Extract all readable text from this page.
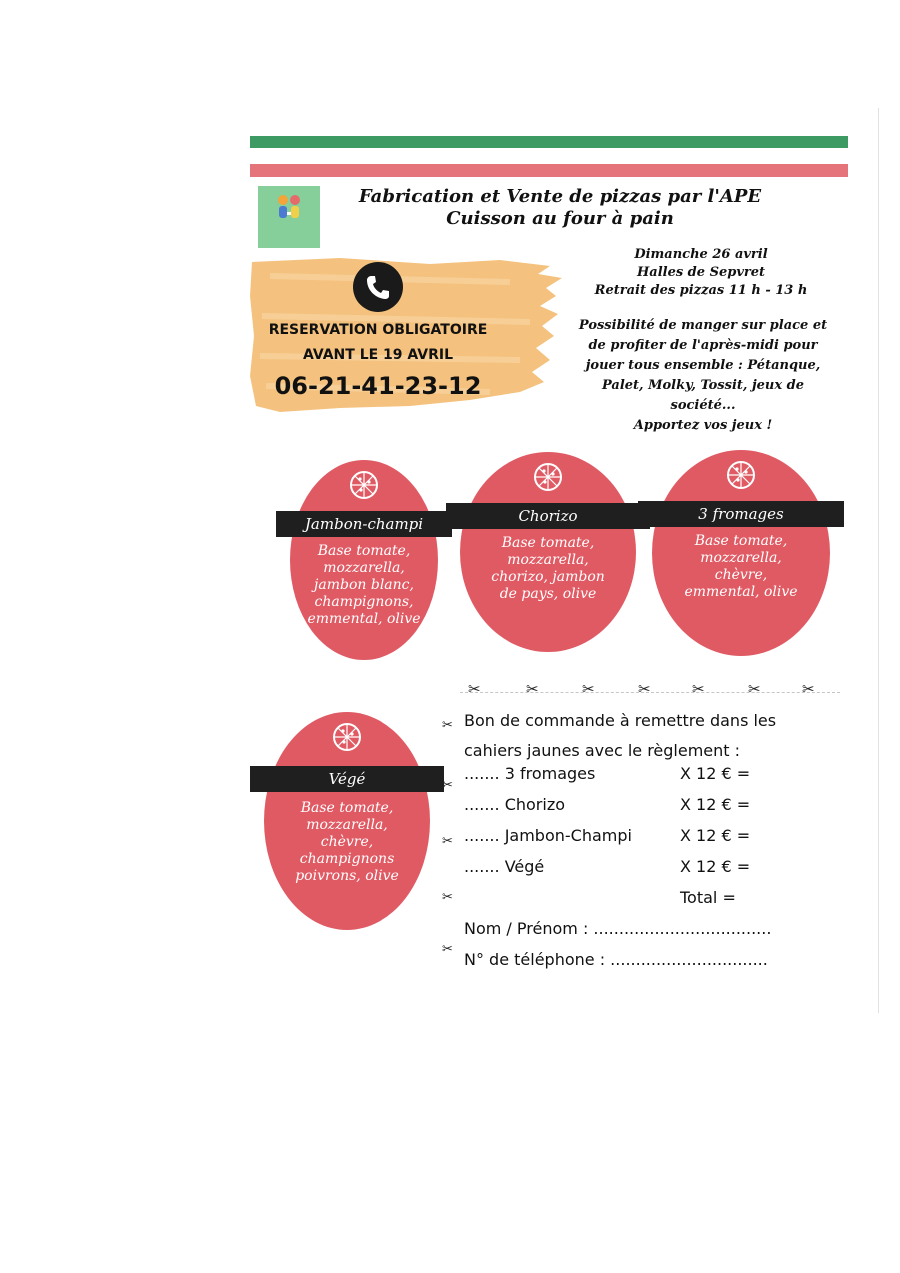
Fabrication et Vente de pizzas par l'APE
Cuisson au four à pain
RESERVATION OBLIGATOIRE
AVANT LE 19 AVRIL
06-21-41-23-12
Dimanche 26 avril
Halles de Sepvret
Retrait des pizzas 11 h - 13 h
Possibilité de manger sur place et
de profiter de l'après-midi pour
jouer tous ensemble : Pétanque,
Palet, Molky, Tossit, jeux de
société...
Apportez vos jeux !
Jambon-champi
Base tomate,
mozzarella,
jambon blanc,
champignons,
emmental, olive
Chorizo
Base tomate,
mozzarella,
chorizo, jambon
de pays, olive
3 fromages
Base tomate,
mozzarella,
chèvre,
emmental, olive
Végé
Base tomate,
mozzarella,
chèvre,
champignons
poivrons, olive
✂	✂	✂	✂	✂	✂	✂
✂
✂
✂
✂
✂
Bon de commande à remettre dans les
cahiers jaunes avec le règlement :
....... 3 fromages	X 12 € =
....... Chorizo	X 12 € =
....... Jambon-Champi	X 12 € =
....... Végé	X 12 € =
Total =
Nom / Prénom : ...................................
N° de téléphone : ...............................
